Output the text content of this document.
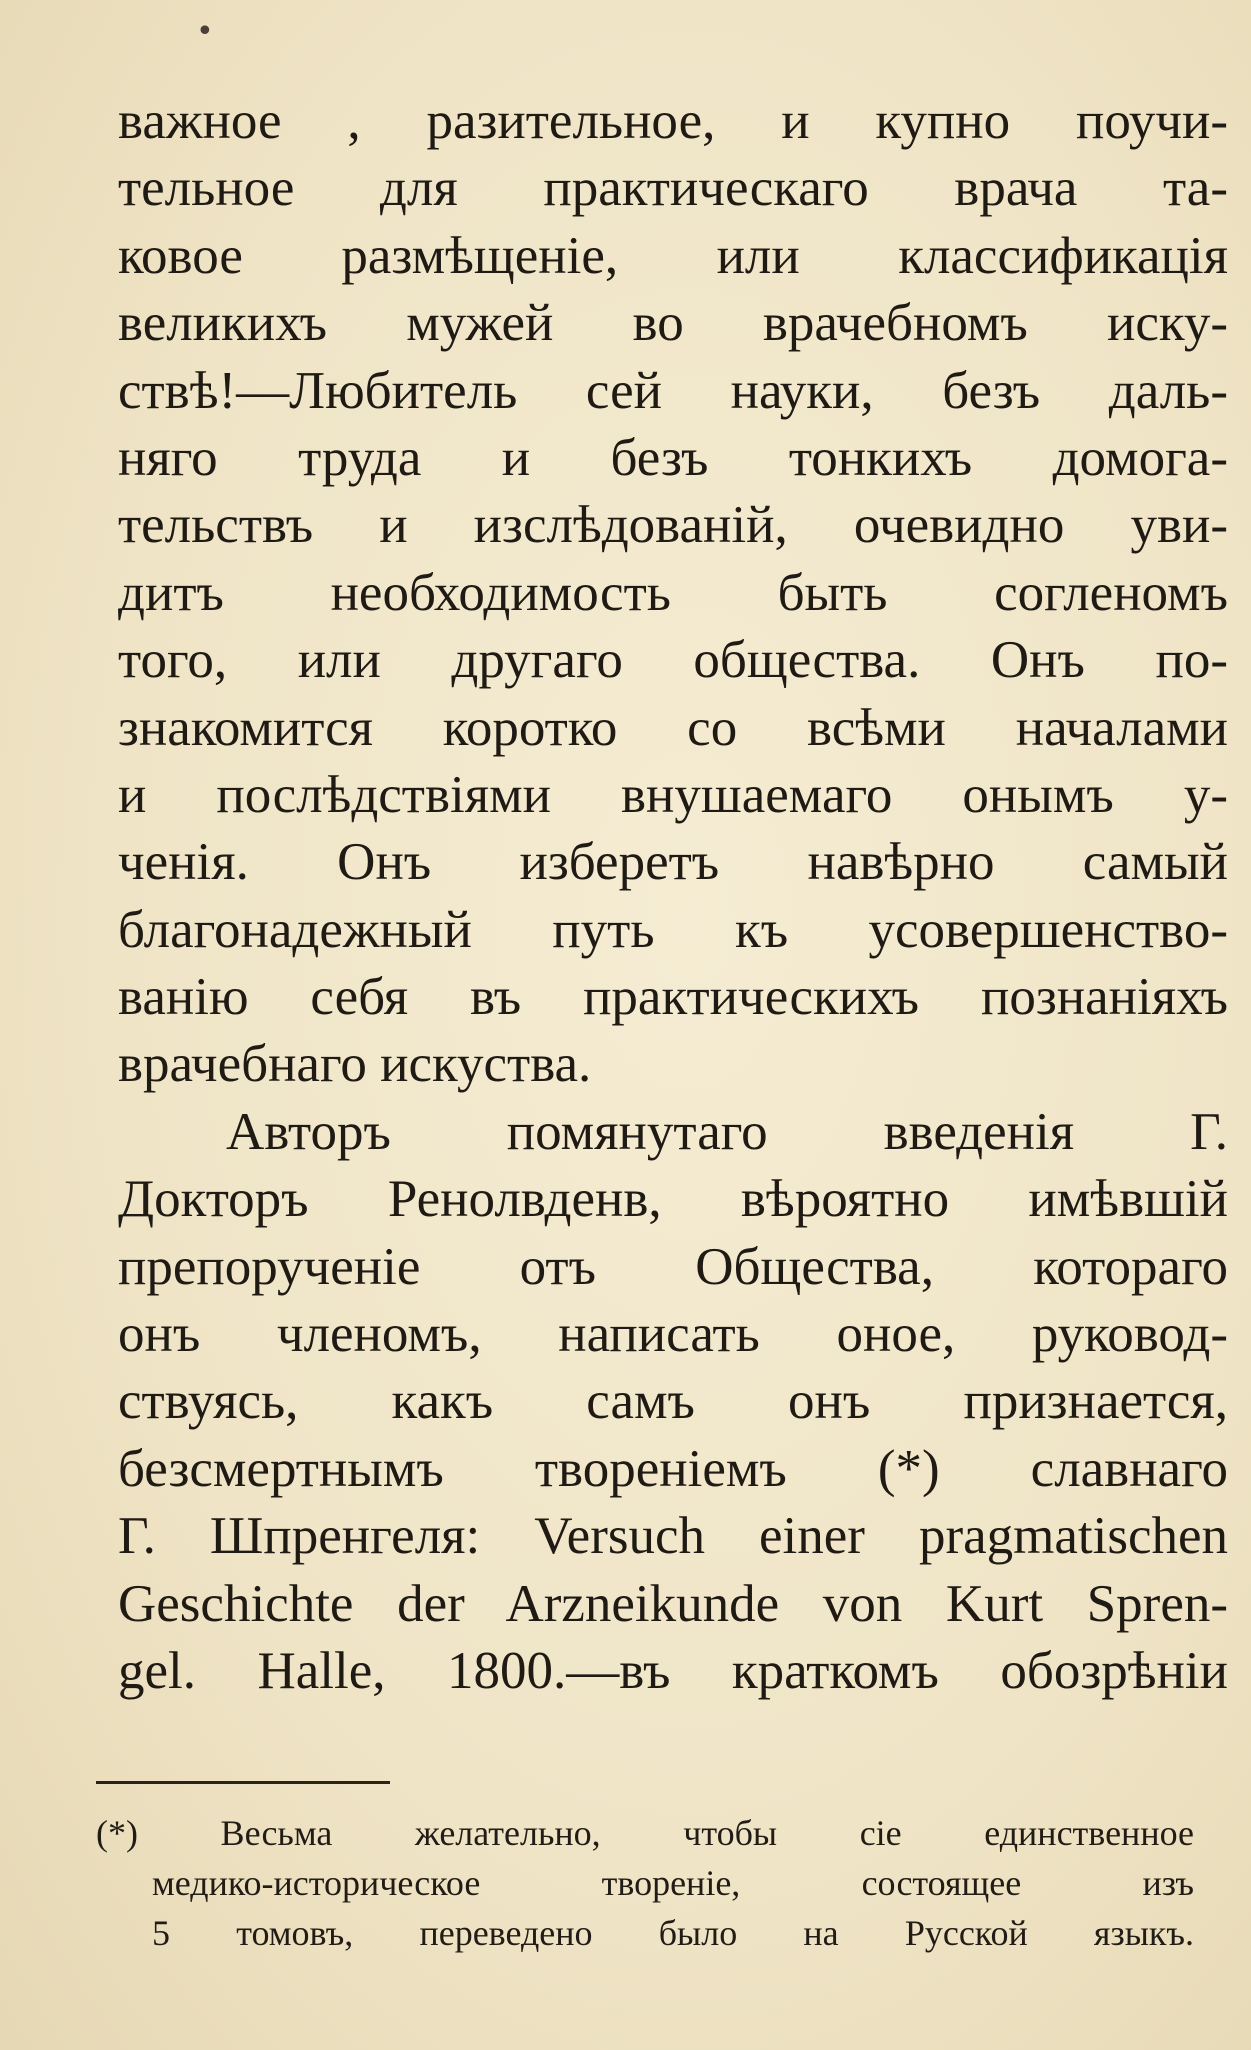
•
важное , разительное, и купно поучи-
тельное для практическаго врача та-
ковое размѣщеніе, или классификація
великихъ мужей во врачебномъ иску-
ствѣ!—Любитель сей науки, безъ даль-
няго труда и безъ тонкихъ домога-
тельствъ и изслѣдованій, очевидно уви-
дитъ необходимость быть согленомъ
того, или другаго общества. Онъ по-
знакомится коротко со всѣми началами
и послѣдствіями внушаемаго онымъ у-
ченія. Онъ изберетъ навѣрно самый
благонадежный путь къ усовершенство-
ванію себя въ практическихъ познаніяхъ
врачебнаго искуства.
Авторъ помянутаго введенія Г.
Докторъ Ренолвденв, вѣроятно имѣвшій
препорученіе отъ Общества, котораго
онъ членомъ, написать оное, руковод-
ствуясь, какъ самъ онъ признается,
безсмертнымъ твореніемъ (*) славнаго
Г. Шпренгеля: Versuch einer pragmatischen
Geschichte der Arzneikunde von Kurt Spren-
gel. Halle, 1800.—въ краткомъ обозрѣніи
(*) Весьма желательно, чтобы сіе единственное
медико-историческое твореніе, состоящее изъ
5 томовъ, переведено было на Русской языкъ.
